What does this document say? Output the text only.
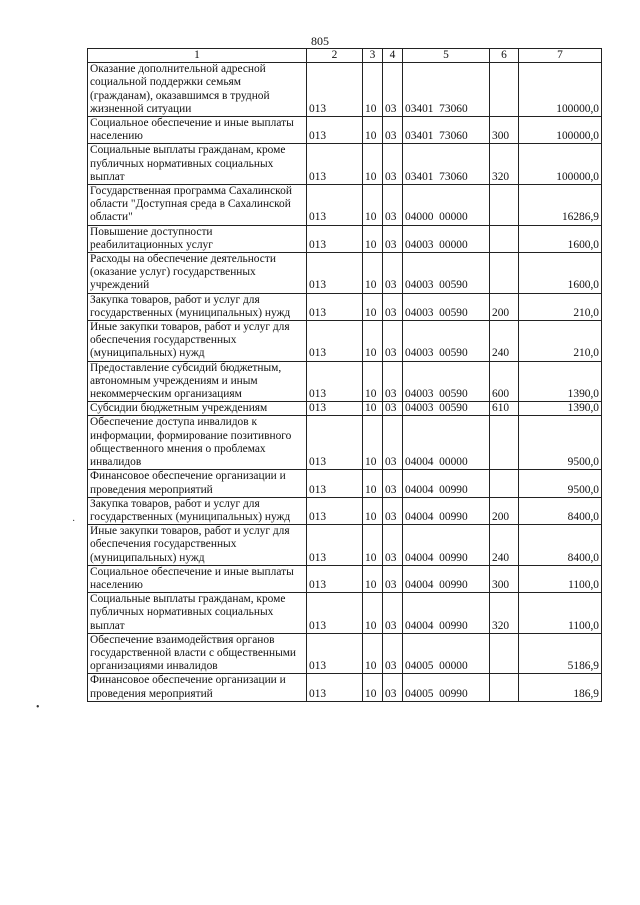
805
1	2	3	4	5	6	7
Оказание дополнительной адресной социальной поддержки семьям (гражданам), оказавшимся в трудной жизненной ситуации	013	10	03	03401  73060		100000,0
Социальное обеспечение и иные выплаты населению	013	10	03	03401  73060	300	100000,0
Социальные выплаты гражданам, кроме публичных нормативных социальных выплат	013	10	03	03401  73060	320	100000,0
Государственная программа Сахалинской области "Доступная среда в Сахалинской области"	013	10	03	04000  00000		16286,9
Повышение доступности реабилитационных услуг	013	10	03	04003  00000		1600,0
Расходы на обеспечение деятельности (оказание услуг) государственных учреждений	013	10	03	04003  00590		1600,0
Закупка товаров, работ и услуг для государственных (муниципальных) нужд	013	10	03	04003  00590	200	210,0
Иные закупки товаров, работ и услуг для обеспечения государственных (муниципальных) нужд	013	10	03	04003  00590	240	210,0
Предоставление субсидий бюджетным, автономным учреждениям и иным некоммерческим организациям	013	10	03	04003  00590	600	1390,0
Субсидии бюджетным учреждениям	013	10	03	04003  00590	610	1390,0
Обеспечение доступа инвалидов к информации, формирование позитивного общественного мнения о проблемах инвалидов	013	10	03	04004  00000		9500,0
Финансовое обеспечение организации и проведения мероприятий	013	10	03	04004  00990		9500,0
Закупка товаров, работ и услуг для государственных (муниципальных) нужд	013	10	03	04004  00990	200	8400,0
Иные закупки товаров, работ и услуг для обеспечения государственных (муниципальных) нужд	013	10	03	04004  00990	240	8400,0
Социальное обеспечение и иные выплаты населению	013	10	03	04004  00990	300	1100,0
Социальные выплаты гражданам, кроме публичных нормативных социальных выплат	013	10	03	04004  00990	320	1100,0
Обеспечение взаимодействия органов государственной власти с общественными организациями инвалидов	013	10	03	04005  00000		5186,9
Финансовое обеспечение организации и проведения мероприятий	013	10	03	04005  00990		186,9
·
•
